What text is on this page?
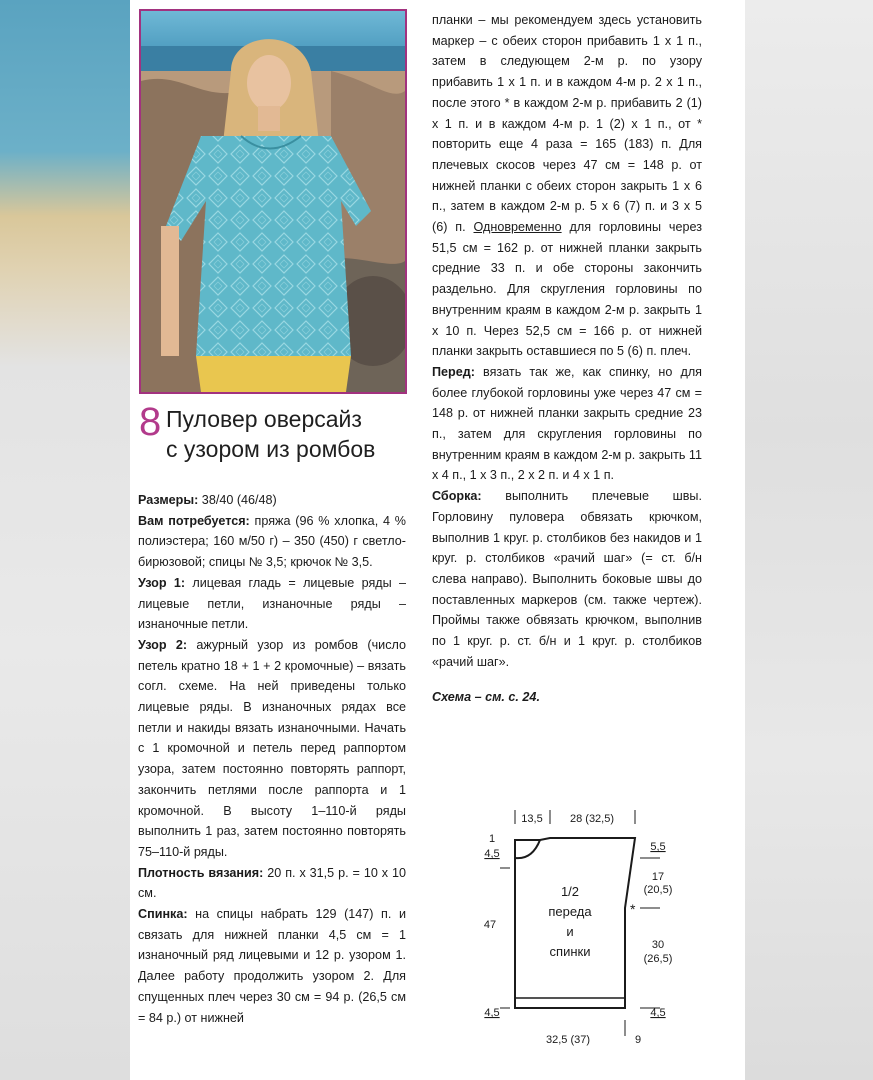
8 Пуловер оверсайз
с узором из ромбов

Размеры: 38/40 (46/48)

Вам потребуется: пряжа (96 % хлопка, 4 % полиэстера; 160 м/50 г) – 350 (450) г светло-бирюзовой; спицы № 3,5; крючок № 3,5.

Узор 1: лицевая гладь = лицевые ряды – лицевые петли, изнаночные ряды – изнаночные петли.

Узор 2: ажурный узор из ромбов (число петель кратно 18 + 1 + 2 кромочные) – вязать согл. схеме. На ней приведены только лицевые ряды. В изнаночных рядах все петли и накиды вязать изнаночными. Начать с 1 кромочной и петель перед раппортом узора, затем постоянно повторять раппорт, закончить петлями после раппорта и 1 кромочной. В высоту 1–110-й ряды выполнить 1 раз, затем постоянно повторять 75–110-й ряды.

Плотность вязания: 20 п. х 31,5 р. = 10 х 10 см.

Спинка: на спицы набрать 129 (147) п. и связать для нижней планки 4,5 см = 1 изнаночный ряд лицевыми и 12 р. узором 1. Далее работу продолжить узором 2. Для спущенных плеч через 30 см = 94 р. (26,5 см = 84 р.) от нижней

планки – мы рекомендуем здесь установить маркер – с обеих сторон прибавить 1 х 1 п., затем в следующем 2-м р. по узору прибавить 1 х 1 п. и в каждом 4-м р. 2 х 1 п., после этого * в каждом 2-м р. прибавить 2 (1) х 1 п. и в каждом 4-м р. 1 (2) х 1 п., от * повторить еще 4 раза = 165 (183) п. Для плечевых скосов через 47 см = 148 р. от нижней планки с обеих сторон закрыть 1 х 6 п., затем в каждом 2-м р. 5 х 6 (7) п. и 3 х 5 (6) п. Одновременно для горловины через 51,5 см = 162 р. от нижней планки закрыть средние 33 п. и обе стороны закончить раздельно. Для скругления горловины по внутренним краям в каждом 2-м р. закрыть 1 х 10 п. Через 52,5 см = 166 р. от нижней планки закрыть оставшиеся по 5 (6) п. плеч.

Перед: вязать так же, как спинку, но для более глубокой горловины уже через 47 см = 148 р. от нижней планки закрыть средние 23 п., затем для скругления горловины по внутренним краям в каждом 2-м р. закрыть 11 х 4 п., 1 х 3 п., 2 х 2 п. и 4 х 1 п.

Сборка: выполнить плечевые швы. Горловину пуловера обвязать крючком, выполнив 1 круг. р. столбиков без накидов и 1 круг. р. столбиков «рачий шаг» (= ст. б/н слева направо). Выполнить боковые швы до поставленных маркеров (см. также чертеж). Проймы также обвязать крючком, выполнив по 1 круг. р. ст. б/н и 1 круг. р. столбиков «рачий шаг».

Схема – см. с. 24.

13,5 28 (32,5)
1
4,5
47
4,5
5,5
17
(20,5)
30
(26,5)
4,5
1/2
переда
и
спинки
*
32,5 (37)	9
